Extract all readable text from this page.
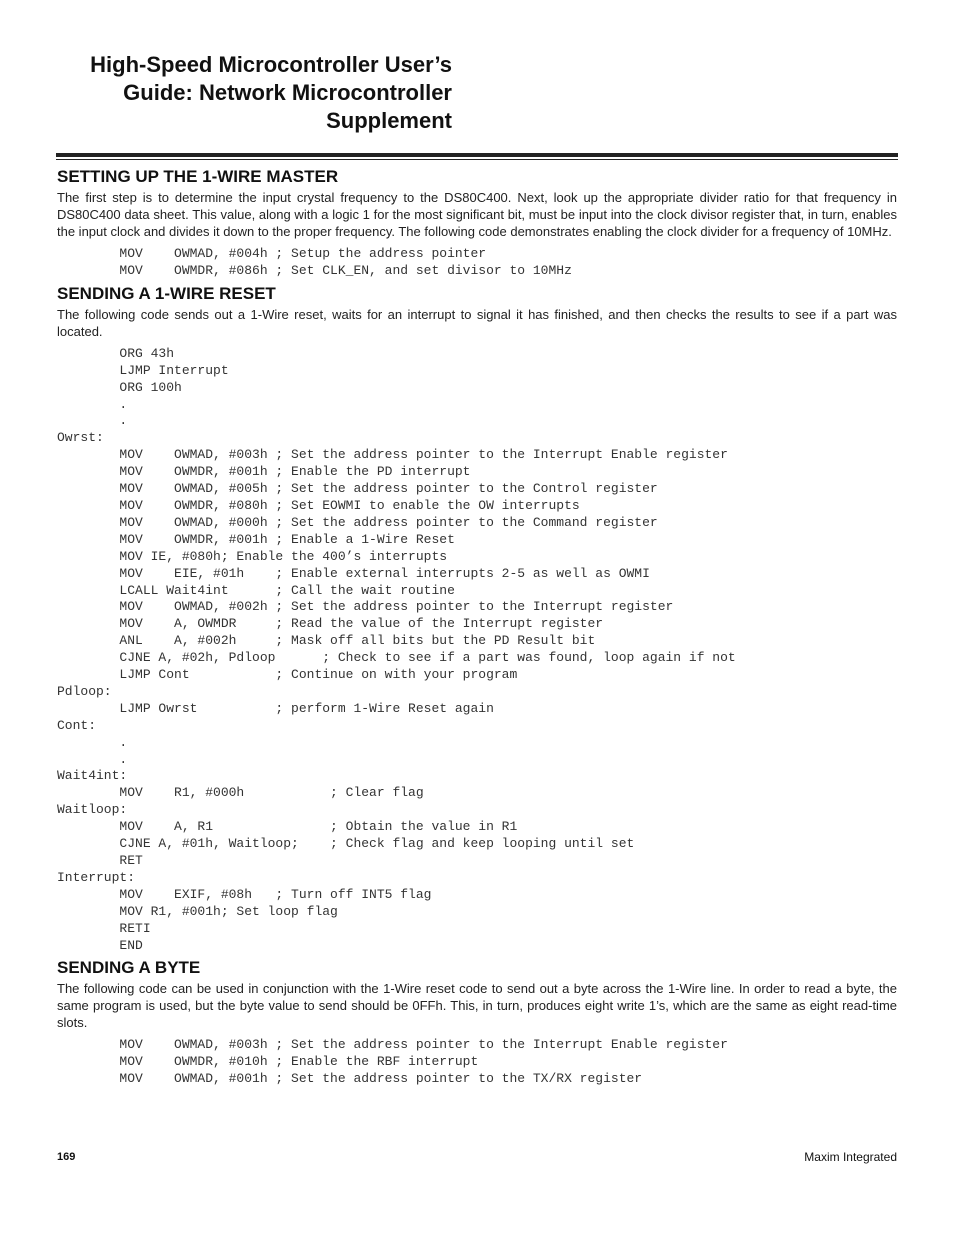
High-Speed Microcontroller User’s
Guide: Network Microcontroller
Supplement
SETTING UP THE 1-WIRE MASTER

The first step is to determine the input crystal frequency to the DS80C400. Next, look up the appropriate divider ratio for that frequency in DS80C400 data sheet. This value, along with a logic 1 for the most significant bit, must be input into the clock divisor register that, in turn, enables the input clock and divides it down to the proper frequency. The following code demonstrates enabling the clock divider for a frequency of 10MHz.

MOV    OWMAD, #004h ; Setup the address pointer
MOV    OWMDR, #086h ; Set CLK_EN, and set divisor to 10MHz
SENDING A 1-WIRE RESET

The following code sends out a 1-Wire reset, waits for an interrupt to signal it has finished, and then checks the results to see if a part was located.

ORG 43h
LJMP Interrupt
ORG 100h
.
.
Owrst:
MOV    OWMAD, #003h ; Set the address pointer to the Interrupt Enable register
MOV    OWMDR, #001h ; Enable the PD interrupt
MOV    OWMAD, #005h ; Set the address pointer to the Control register
MOV    OWMDR, #080h ; Set EOWMI to enable the OW interrupts
MOV    OWMAD, #000h ; Set the address pointer to the Command register
MOV    OWMDR, #001h ; Enable a 1-Wire Reset
MOV IE, #080h; Enable the 400’s interrupts
MOV    EIE, #01h    ; Enable external interrupts 2-5 as well as OWMI
LCALL Wait4int      ; Call the wait routine
MOV    OWMAD, #002h ; Set the address pointer to the Interrupt register
MOV    A, OWMDR     ; Read the value of the Interrupt register
ANL    A, #002h     ; Mask off all bits but the PD Result bit
CJNE A, #02h, Pdloop      ; Check to see if a part was found, loop again if not
LJMP Cont           ; Continue on with your program
Pdloop:
LJMP Owrst          ; perform 1-Wire Reset again
Cont:
.
.
Wait4int:
MOV    R1, #000h           ; Clear flag
Waitloop:
MOV    A, R1               ; Obtain the value in R1
CJNE A, #01h, Waitloop;    ; Check flag and keep looping until set
RET
Interrupt:
MOV    EXIF, #08h   ; Turn off INT5 flag
MOV R1, #001h; Set loop flag
RETI
END
SENDING A BYTE

The following code can be used in conjunction with the 1-Wire reset code to send out a byte across the 1-Wire line. In order to read a byte, the same program is used, but the byte value to send should be 0FFh. This, in turn, produces eight write 1’s, which are the same as eight read-time slots.

MOV    OWMAD, #003h ; Set the address pointer to the Interrupt Enable register
MOV    OWMDR, #010h ; Enable the RBF interrupt
MOV    OWMAD, #001h ; Set the address pointer to the TX/RX register
169	Maxim Integrated
